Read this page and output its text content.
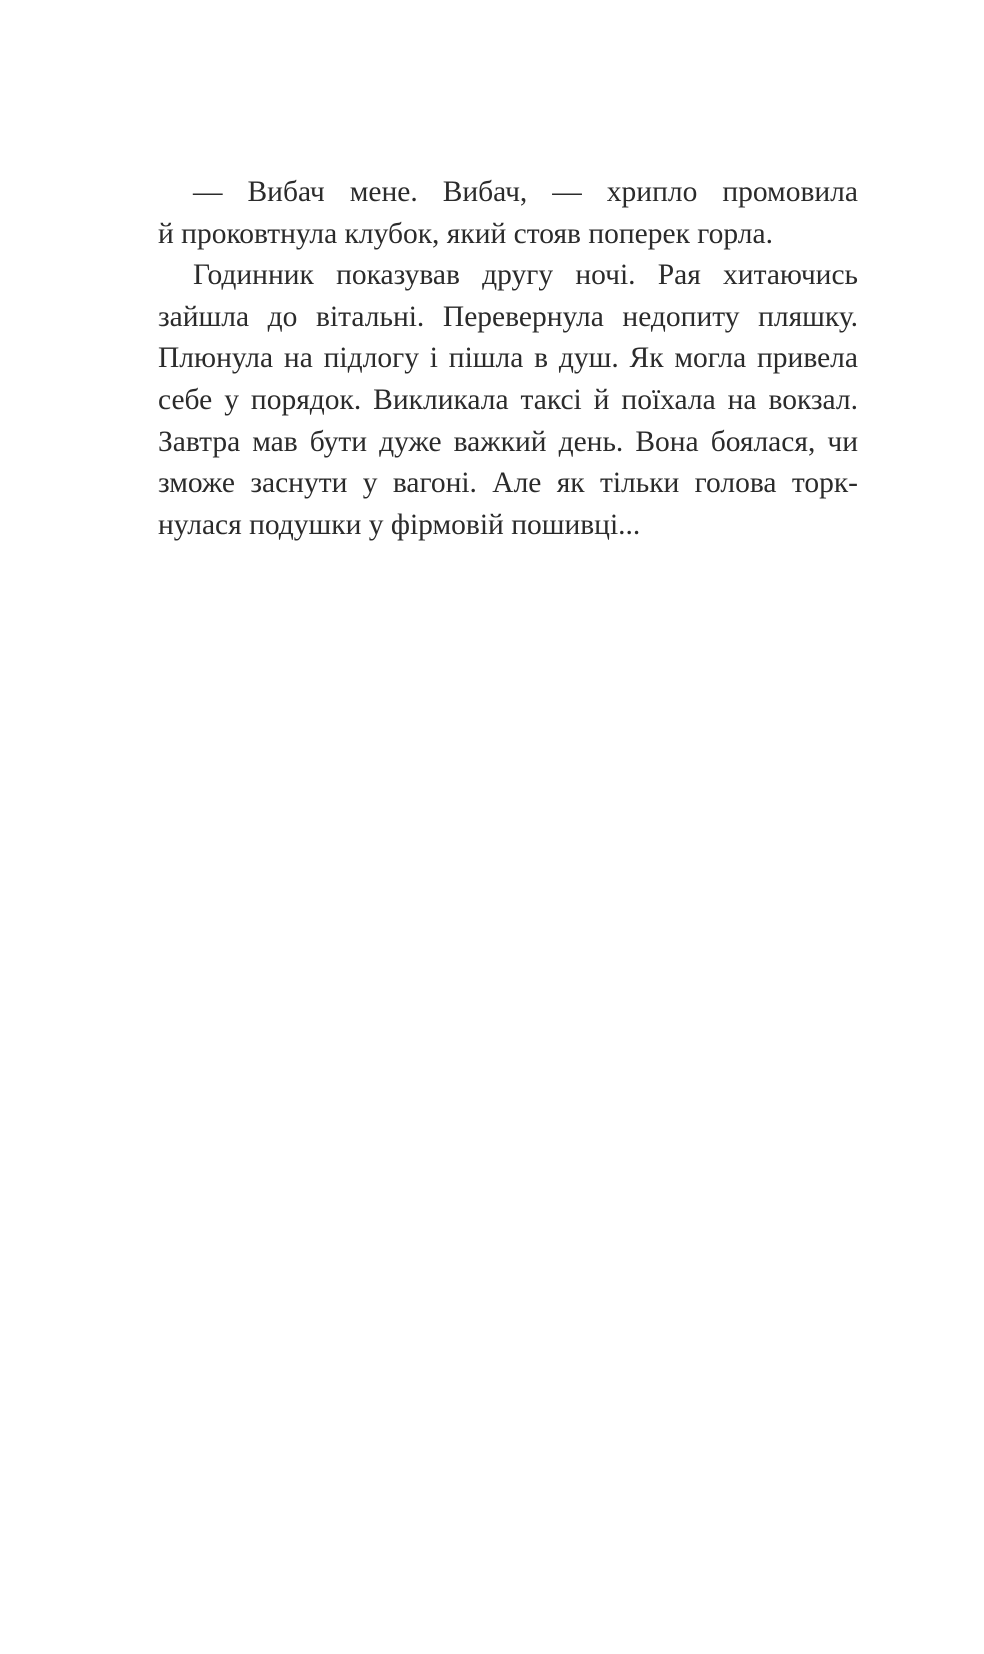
— Вибач мене. Вибач, — хрипло промовила
й проковтнула клубок, який стояв поперек горла.

Годинник показував другу ночі. Рая хитаючись
зайшла до вітальні. Перевернула недопиту пляшку.
Плюнула на підлогу і пішла в душ. Як могла привела
себе у порядок. Викликала таксі й поїхала на вокзал.
Завтра мав бути дуже важкий день. Вона боялася, чи
зможе заснути у вагоні. Але як тільки голова торк-
нулася подушки у фірмовій пошивці...
